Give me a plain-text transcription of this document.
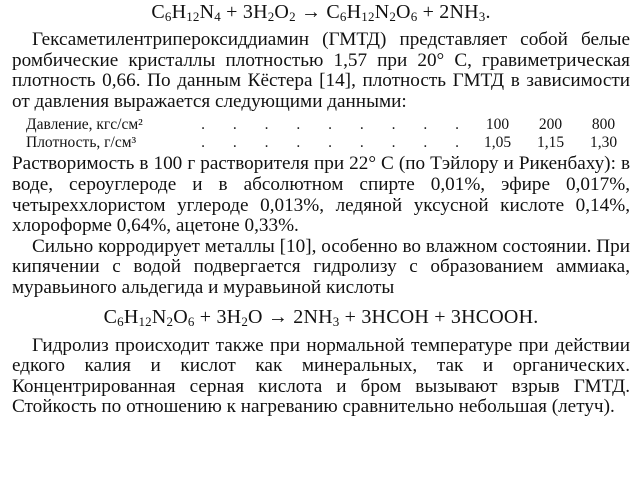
$C_6H_{12}N_4 + 3H_2O_2 \to C_6H_{12}N_2O_6 + 2NH_3$.

Гексаметилентрипероксиддиамин (ГМТД) представляет собой белые ромбические кристаллы плотностью 1,57 при 20° С, гравиметрическая плотность 0,66. По данным Кёстера [14], плотность ГМТД в зависимости от давления выражается следующими данными:

Давление, кгс/см²	. . . . . . . . .	100	200	800
Плотность, г/см³	. . . . . . . . .	1,05	1,15	1,30

Растворимость в 100 г растворителя при 22° С (по Тэйлору и Рикенбаху): в воде, сероуглероде и в абсолютном спирте 0,01%, эфире 0,017%, четыреххлористом углероде 0,013%, ледяной уксусной кислоте 0,14%, хлороформе 0,64%, ацетоне 0,33%.

Сильно корродирует металлы [10], особенно во влажном состоянии. При кипячении с водой подвергается гидролизу с образованием аммиака, муравьиного альдегида и муравьиной кислоты

$C_6H_{12}N_2O_6 + 3H_2O \to 2NH_3$ + 3HCOH + 3HCOOH.

Гидролиз происходит также при нормальной температуре при действии едкого калия и кислот как минеральных, так и органических. Концентрированная серная кислота и бром вызывают взрыв ГМТД. Стойкость по отношению к нагреванию сравнительно небольшая (летуч).
